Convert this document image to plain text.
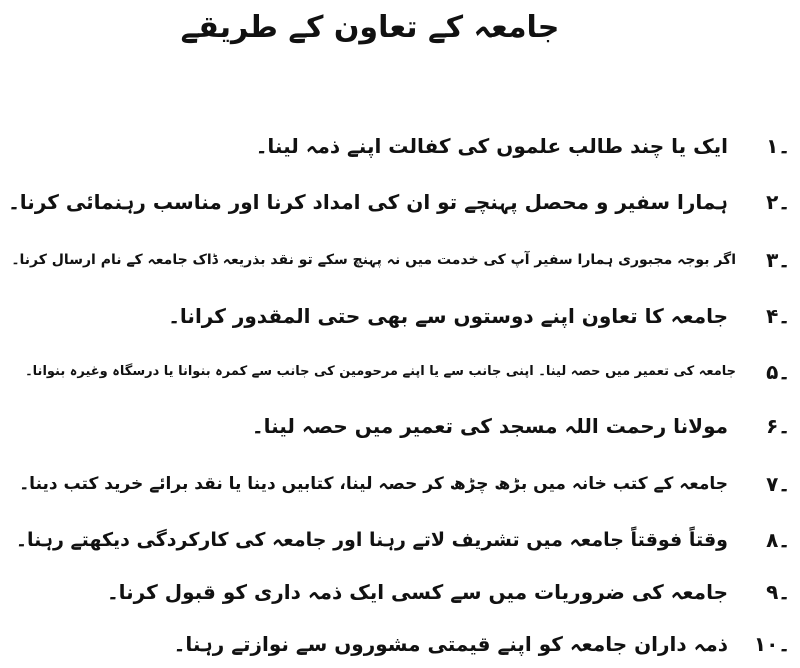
جامعہ کے تعاون کے طریقے
۱۔
ایک یا چند طالب علموں کی کفالت اپنے ذمہ لینا۔
۲۔
ہمارا سفیر و محصل پہنچے تو ان کی امداد کرنا اور مناسب رہنمائی کرنا۔
۳۔
اگر بوجہ مجبوری ہمارا سفیر آپ کی خدمت میں نہ پہنچ سکے تو نقد بذریعہ ڈاک جامعہ کے نام ارسال کرنا۔
۴۔
جامعہ کا تعاون اپنے دوستوں سے بھی حتی المقدور کرانا۔
۵۔
جامعہ کی تعمیر میں حصہ لینا۔ اپنی جانب سے یا اپنے مرحومین کی جانب سے کمرہ بنوانا یا درسگاہ وغیرہ بنوانا۔
۶۔
مولانا رحمت اللہ مسجد کی تعمیر میں حصہ لینا۔
۷۔
جامعہ کے کتب خانہ میں بڑھ چڑھ کر حصہ لینا، کتابیں دینا یا نقد برائے خرید کتب دینا۔
۸۔
وقتاً فوقتاً جامعہ میں تشریف لاتے رہنا اور جامعہ کی کارکردگی دیکھتے رہنا۔
۹۔
جامعہ کی ضروریات میں سے کسی ایک ذمہ داری کو قبول کرنا۔
۱۰۔
ذمہ داران جامعہ کو اپنے قیمتی مشوروں سے نوازتے رہنا۔
